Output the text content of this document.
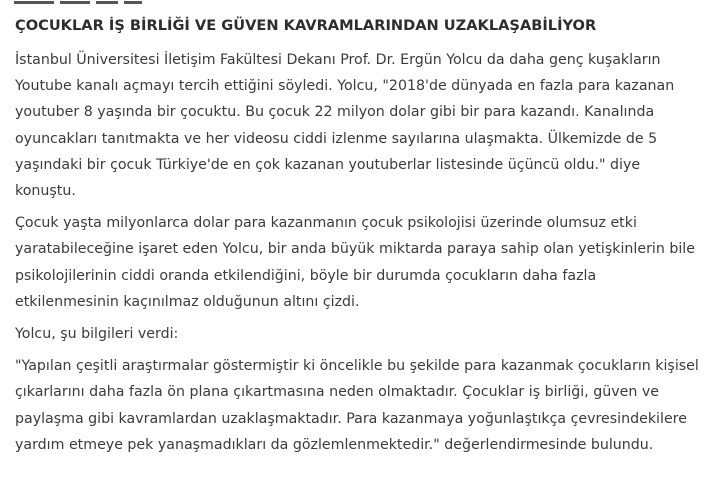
ÇOCUKLAR İŞ BİRLİĞİ VE GÜVEN KAVRAMLARINDAN UZAKLAŞABİLİYOR

İstanbul Üniversitesi İletişim Fakültesi Dekanı Prof. Dr. Ergün Yolcu da daha genç kuşakların Youtube kanalı açmayı tercih ettiğini söyledi. Yolcu, "2018'de dünyada en fazla para kazanan youtuber 8 yaşında bir çocuktu. Bu çocuk 22 milyon dolar gibi bir para kazandı. Kanalında oyuncakları tanıtmakta ve her videosu ciddi izlenme sayılarına ulaşmakta. Ülkemizde de 5 yaşındaki bir çocuk Türkiye'de en çok kazanan youtuberlar listesinde üçüncü oldu." diye konuştu.

Çocuk yaşta milyonlarca dolar para kazanmanın çocuk psikolojisi üzerinde olumsuz etki yaratabileceğine işaret eden Yolcu, bir anda büyük miktarda paraya sahip olan yetişkinlerin bile psikolojilerinin ciddi oranda etkilendiğini, böyle bir durumda çocukların daha fazla etkilenmesinin kaçınılmaz olduğunun altını çizdi.

Yolcu, şu bilgileri verdi:

"Yapılan çeşitli araştırmalar göstermiştir ki öncelikle bu şekilde para kazanmak çocukların kişisel çıkarlarını daha fazla ön plana çıkartmasına neden olmaktadır. Çocuklar iş birliği, güven ve paylaşma gibi kavramlardan uzaklaşmaktadır. Para kazanmaya yoğunlaştıkça çevresindekilere yardım etmeye pek yanaşmadıkları da gözlemlenmektedir." değerlendirmesinde bulundu.
